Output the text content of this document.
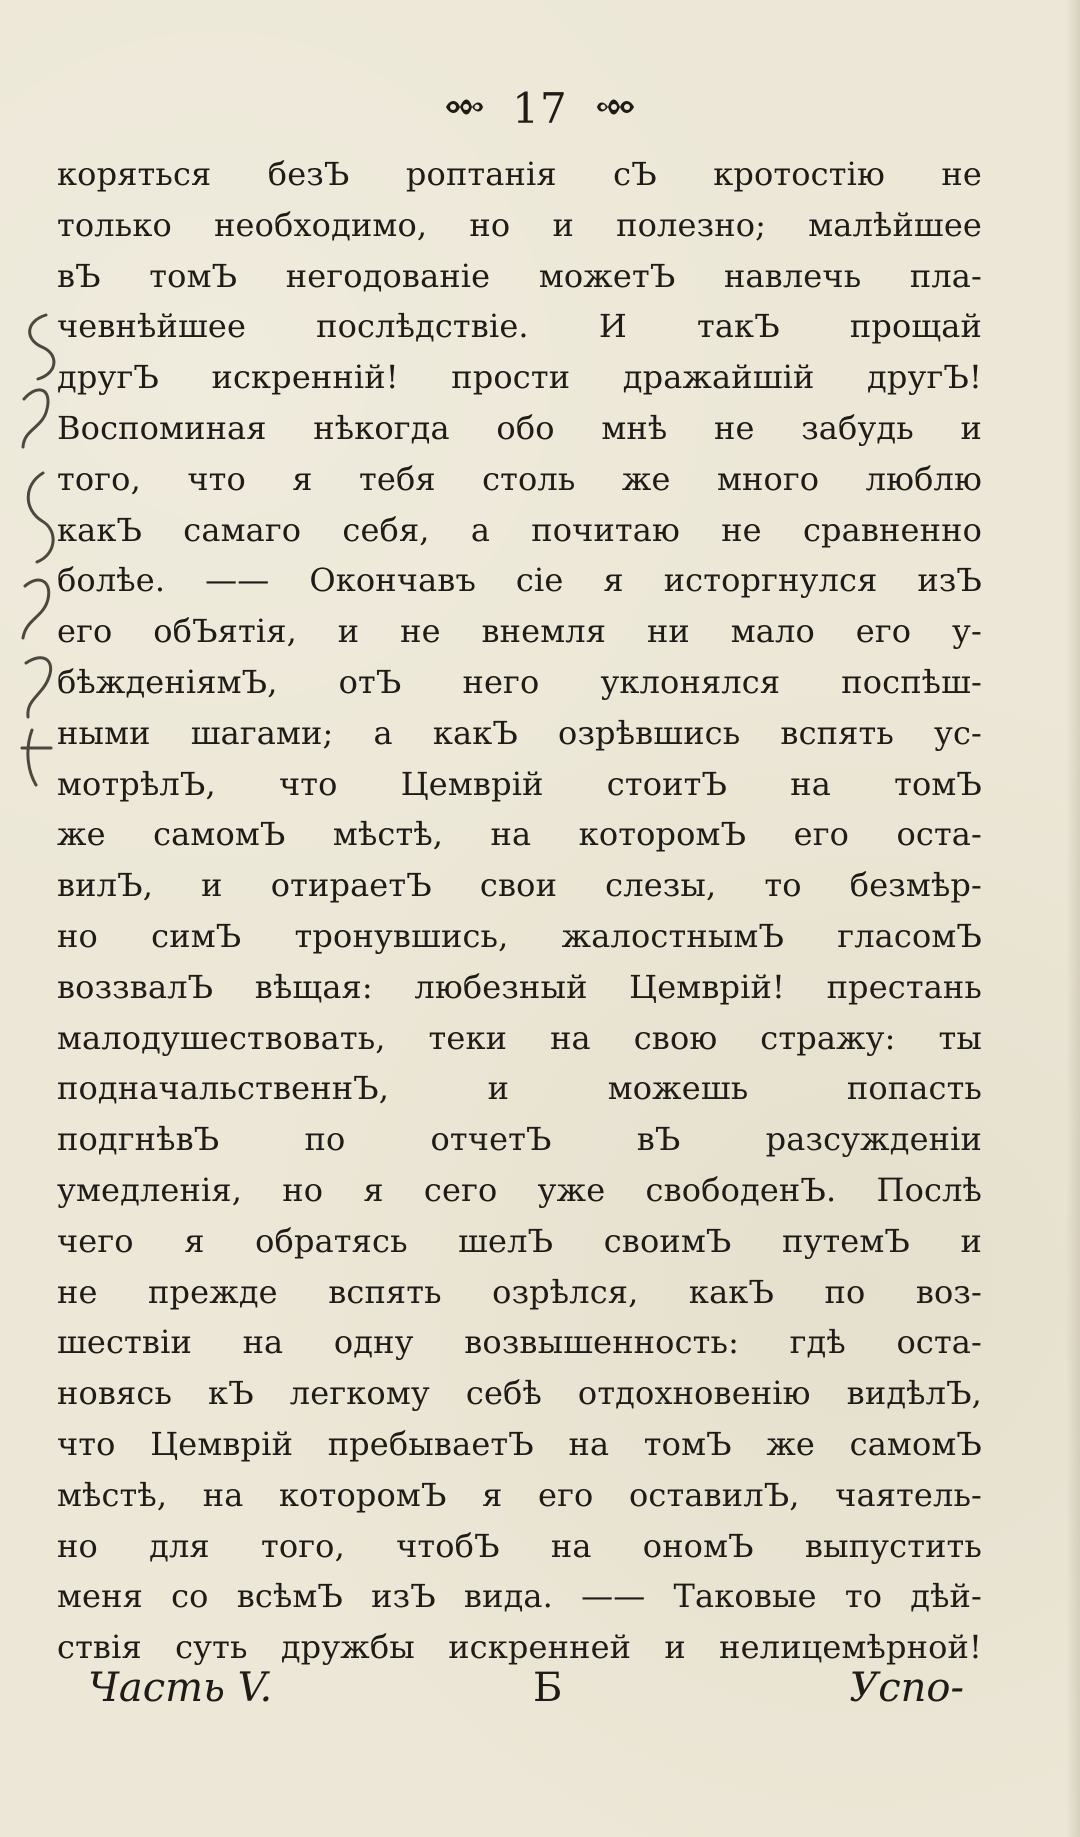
17
коряться безЪ роптанія сЪ кротостію не
только необходимо, но и полезно; малѣйшее
вЪ томЪ негодованіе можетЪ навлечь пла-
чевнѣйшее послѣдствіе. И такЪ прощай
другЪ искренній! прости дражайшій другЪ!
Воспоминая нѣкогда обо мнѣ не забудь и
того, что я тебя столь же много люблю
какЪ самаго себя, а почитаю не сравненно
болѣе. —— Окончавъ сіе я исторгнулся изЪ
его обЪятія, и не внемля ни мало его у-
бѣжденіямЪ, отЪ него уклонялся поспѣш-
ными шагами; а какЪ озрѣвшись вспять ус-
мотрѣлЪ, что Цемврій стоитЪ на томЪ
же самомЪ мѣстѣ, на которомЪ его оста-
вилЪ, и отираетЪ свои слезы, то безмѣр-
но симЪ тронувшись, жалостнымЪ гласомЪ
воззвалЪ вѣщая: любезный Цемврій! престань
малодушествовать, теки на свою стражу: ты
подначальственнЪ, и можешь попасть
подгнѣвЪ по отчетЪ вЪ разсужденіи
умедленія, но я сего уже свободенЪ. Послѣ
чего я обратясь шелЪ своимЪ путемЪ и
не прежде вспять озрѣлся, какЪ по воз-
шествіи на одну возвышенность: гдѣ оста-
новясь кЪ легкому себѣ отдохновенію видѣлЪ,
что Цемврій пребываетЪ на томЪ же самомЪ
мѣстѣ, на которомЪ я его оставилЪ, чаятель-
но для того, чтобЪ на ономЪ выпустить
меня со всѣмЪ изЪ вида. —— Таковые то дѣй-
ствія суть дружбы искренней и нелицемѣрной!
Часть V.	Б	Успо-
